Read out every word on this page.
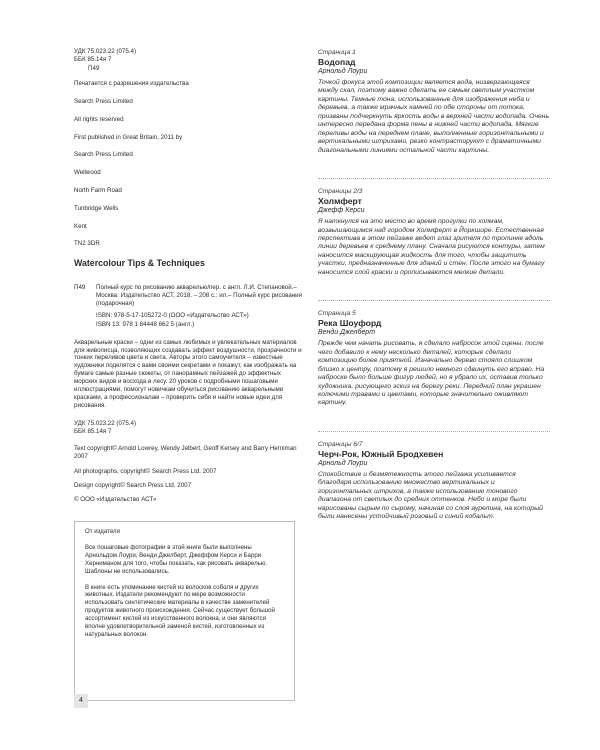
УДК 75.023.22 (075.4)
ББК 85.14я 7
П49
Печатается с разрешения издательства
Search Press Limited
All rights reserved
First published in Great Britain, 2011 by
Search Press Limited
Wellwood
North Farm Road
Tunbridge Wells
Kent
TN2 3DR
Watercolour Tips & Techniques
П49	Полный курс по рисованию акварелью/пер. с англ. Л.И. Степановой.– Москва: Издательство АСТ, 2018. – 208 с.: ил.– Полный курс рисования (подарочная)
ISBN: 978-5-17-105272-0 (ООО «Издательство АСТ»)
ISBN 13: 978 1 84448 662 5 (англ.)
Акварельные краски – одни из самых любимых и увлекательных материалов для живописца, позволяющих создавать эффект воздушности, прозрачности и тонких переливов цвета и света. Авторы этого самоучителя – известные художники поделятся с вами своими секретами и покажут, как изображать на бумаге самые разные сюжеты, от панорамных пейзажей до эффектных морских видов и восхода в лесу. 20 уроков с подробными пошаговыми иллюстрациями, помогут новичкам обучиться рисованию акварельными красками, а профессионалам – проверить себя и найти новые идеи для рисования.
УДК 75.023.22 (075.4)
ББК 85.14я 7
Text copyright© Arnold Lowrey, Wendy Jelbert, Geoff Kersey and Barry Herniman 2007
All photographs, copyright© Search Press Ltd. 2007
Design copyright© Search Press Ltd. 2007
© ООО «Издательство АСТ»
От издателя
Все пошаговые фотографии в этой книге были выполнены Арнольдом Лоури, Венди Джелберт, Джеффом Керси и Барри Херниманом для того, чтобы показать, как рисовать акварелью. Шаблоны не использовались.
В книге есть упоминание кистей из волосков соболя и других животных. Издатели рекомендуют по мере возможности использовать синтетические материалы в качестве заменителей продуктов животного происхождения. Сейчас существует большой ассортимент кистей из искусственного волокна, и они являются вполне удовлетворительной заменой кистей, изготовленных из натуральных волокон.
4
Страница 1
Водопад
Арнольд Лоури
Точкой фокуса этой композиции является вода, низвергающаяся между скал, поэтому важно сделать ее самым светлым участком картины. Темные тона, использованные для изображения неба и деревьев, а также мрачных камней по обе стороны от потока, призваны подчеркнуть яркость воды в верхней части водопада. Очень интересно передана форма пены в нижней части водопада. Мягкие переливы воды на переднем плане, выполненные горизонтальными и вертикальными штрихами, резко контрастируют с драматичными диагональными линиями остальной части картины.
Страницы 2/3
Холмферт
Джефф Керси
Я наткнулся на это место во время прогулки по холмам, возвышающимся над городом Холмферт в Йоркшире. Естественная перспектива в этом пейзаже ведет глаз зрителя по тропинке вдоль линии деревьев к среднему плану. Сначала рисуются контуры, затем наносится маскирующая жидкость для того, чтобы защитить участки, предназначенные для зданий и стен. После этого на бумагу наносится слой краски и прописываются мелкие детали.
Страница 5
Река Шоуфорд
Венди Джелберт
Прежде чем начать рисовать, я сделало набросок этой сцены, после чего добавило к нему несколько деталей, которые сделали композицию более приятной. Изначально дерево стояло слишком близко к центру, поэтому я решило немного сдвинуть его вправо. На наброске было больше фигур людей, но я убрало их, оставив только художника, рисующего эскиз на берегу реки. Передний план украшен колючими травами и цветами, которые значительно оживляют картину.
Страницы 6/7
Черч-Рок, Южный Бродхевен
Арнольд Лоури
Спокойствие и безмятежность этого пейзажа усиливается благодаря использованию множество вертикальных и горизонтальных штрихов, а также использованию тонового диапазона от светлых до средних оттенков. Небо и море были нарисованы сырым по сырому, начиная со слоя аурелина, на который были нанесены устойчивый розовый и синий кобальт.
